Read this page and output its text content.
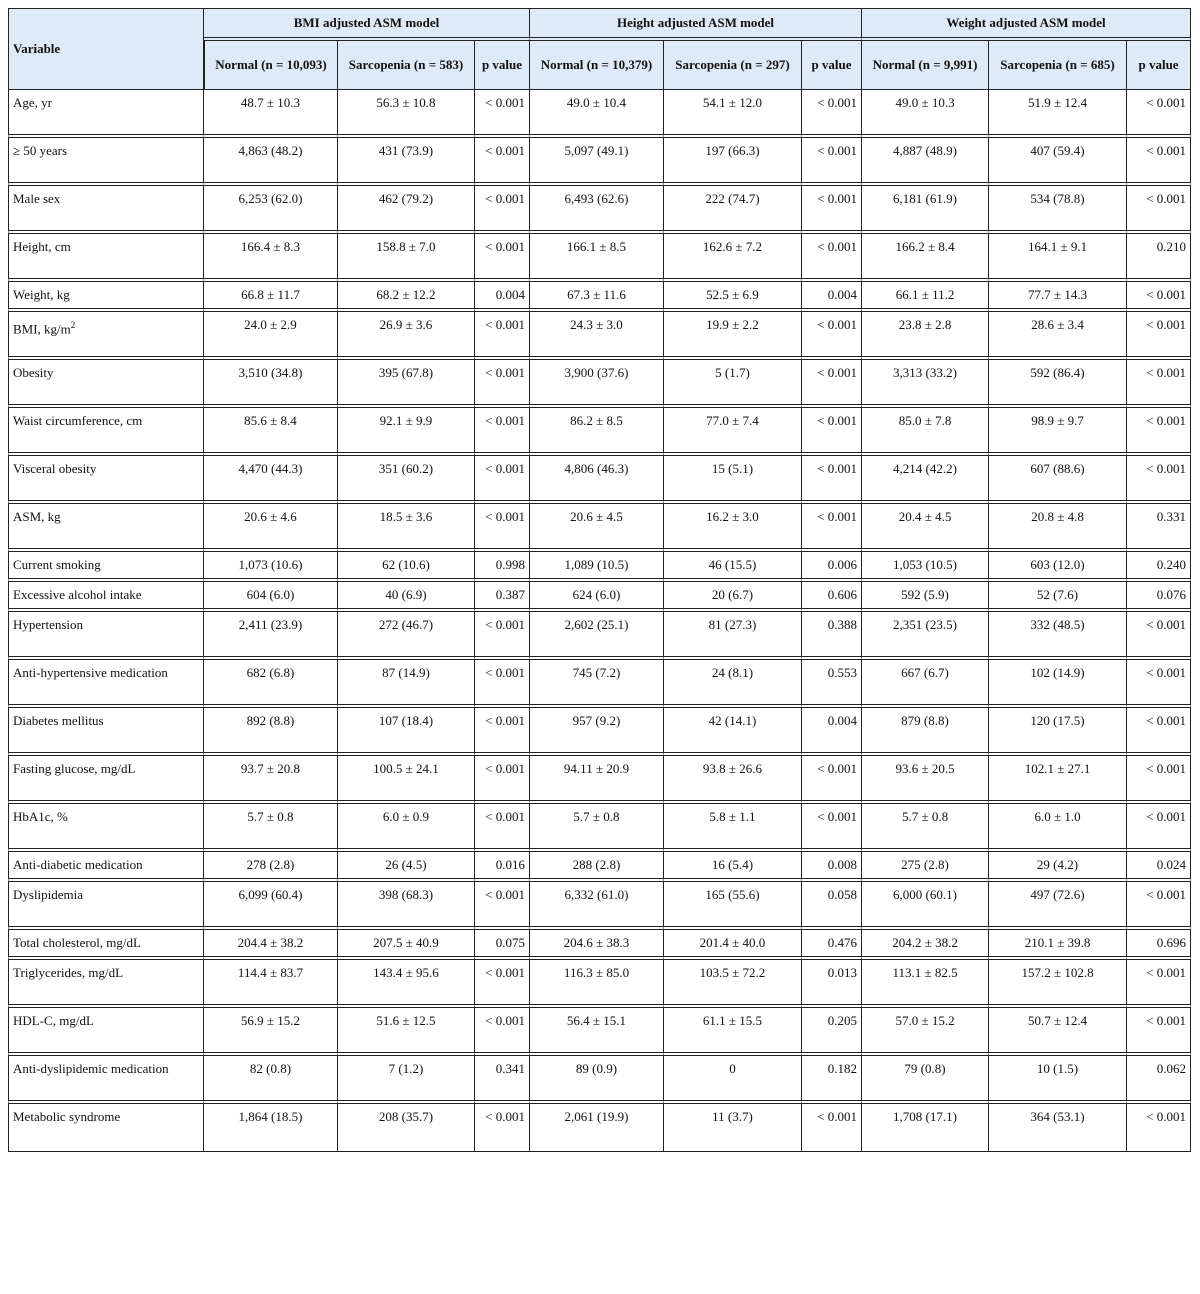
Variable	BMI adjusted ASM model			Height adjusted ASM model			Weight adjusted ASM model		
	Normal (n = 10,093)	Sarcopenia (n = 583)	p value	Normal (n = 10,379)	Sarcopenia (n = 297)	p value	Normal (n = 9,991)	Sarcopenia (n = 685)	p value
Age, yr	48.7 ± 10.3	56.3 ± 10.8	< 0.001	49.0 ± 10.4	54.1 ± 12.0	< 0.001	49.0 ± 10.3	51.9 ± 12.4	< 0.001
≥ 50 years	4,863 (48.2)	431 (73.9)	< 0.001	5,097 (49.1)	197 (66.3)	< 0.001	4,887 (48.9)	407 (59.4)	< 0.001
Male sex	6,253 (62.0)	462 (79.2)	< 0.001	6,493 (62.6)	222 (74.7)	< 0.001	6,181 (61.9)	534 (78.8)	< 0.001
Height, cm	166.4 ± 8.3	158.8 ± 7.0	< 0.001	166.1 ± 8.5	162.6 ± 7.2	< 0.001	166.2 ± 8.4	164.1 ± 9.1	0.210
Weight, kg	66.8 ± 11.7	68.2 ± 12.2	0.004	67.3 ± 11.6	52.5 ± 6.9	0.004	66.1 ± 11.2	77.7 ± 14.3	< 0.001
BMI, $kg/m^2$	24.0 ± 2.9	26.9 ± 3.6	< 0.001	24.3 ± 3.0	19.9 ± 2.2	< 0.001	23.8 ± 2.8	28.6 ± 3.4	< 0.001
Obesity	3,510 (34.8)	395 (67.8)	< 0.001	3,900 (37.6)	5 (1.7)	< 0.001	3,313 (33.2)	592 (86.4)	< 0.001
Waist circumference, cm	85.6 ± 8.4	92.1 ± 9.9	< 0.001	86.2 ± 8.5	77.0 ± 7.4	< 0.001	85.0 ± 7.8	98.9 ± 9.7	< 0.001
Visceral obesity	4,470 (44.3)	351 (60.2)	< 0.001	4,806 (46.3)	15 (5.1)	< 0.001	4,214 (42.2)	607 (88.6)	< 0.001
ASM, kg	20.6 ± 4.6	18.5 ± 3.6	< 0.001	20.6 ± 4.5	16.2 ± 3.0	< 0.001	20.4 ± 4.5	20.8 ± 4.8	0.331
Current smoking	1,073 (10.6)	62 (10.6)	0.998	1,089 (10.5)	46 (15.5)	0.006	1,053 (10.5)	603 (12.0)	0.240
Excessive alcohol intake	604 (6.0)	40 (6.9)	0.387	624 (6.0)	20 (6.7)	0.606	592 (5.9)	52 (7.6)	0.076
Hypertension	2,411 (23.9)	272 (46.7)	< 0.001	2,602 (25.1)	81 (27.3)	0.388	2,351 (23.5)	332 (48.5)	< 0.001
Anti-hypertensive medication	682 (6.8)	87 (14.9)	< 0.001	745 (7.2)	24 (8.1)	0.553	667 (6.7)	102 (14.9)	< 0.001
Diabetes mellitus	892 (8.8)	107 (18.4)	< 0.001	957 (9.2)	42 (14.1)	0.004	879 (8.8)	120 (17.5)	< 0.001
Fasting glucose, mg/dL	93.7 ± 20.8	100.5 ± 24.1	< 0.001	94.11 ± 20.9	93.8 ± 26.6	< 0.001	93.6 ± 20.5	102.1 ± 27.1	< 0.001
HbA1c, %	5.7 ± 0.8	6.0 ± 0.9	< 0.001	5.7 ± 0.8	5.8 ± 1.1	< 0.001	5.7 ± 0.8	6.0 ± 1.0	< 0.001
Anti-diabetic medication	278 (2.8)	26 (4.5)	0.016	288 (2.8)	16 (5.4)	0.008	275 (2.8)	29 (4.2)	0.024
Dyslipidemia	6,099 (60.4)	398 (68.3)	< 0.001	6,332 (61.0)	165 (55.6)	0.058	6,000 (60.1)	497 (72.6)	< 0.001
Total cholesterol, mg/dL	204.4 ± 38.2	207.5 ± 40.9	0.075	204.6 ± 38.3	201.4 ± 40.0	0.476	204.2 ± 38.2	210.1 ± 39.8	0.696
Triglycerides, mg/dL	114.4 ± 83.7	143.4 ± 95.6	< 0.001	116.3 ± 85.0	103.5 ± 72.2	0.013	113.1 ± 82.5	157.2 ± 102.8	< 0.001
HDL-C, mg/dL	56.9 ± 15.2	51.6 ± 12.5	< 0.001	56.4 ± 15.1	61.1 ± 15.5	0.205	57.0 ± 15.2	50.7 ± 12.4	< 0.001
Anti-dyslipidemic medication	82 (0.8)	7 (1.2)	0.341	89 (0.9)	0	0.182	79 (0.8)	10 (1.5)	0.062
Metabolic syndrome	1,864 (18.5)	208 (35.7)	< 0.001	2,061 (19.9)	11 (3.7)	< 0.001	1,708 (17.1)	364 (53.1)	< 0.001
